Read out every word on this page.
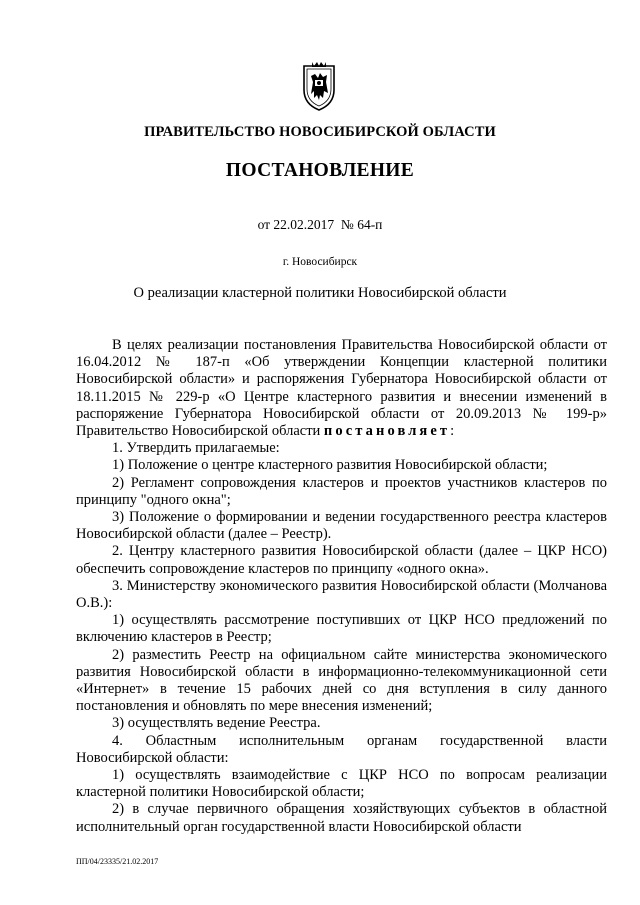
ПРАВИТЕЛЬСТВО НОВОСИБИРСКОЙ ОБЛАСТИ
ПОСТАНОВЛЕНИЕ
от 22.02.2017 № 64-п
г. Новосибирск
О реализации кластерной политики Новосибирской области

В целях реализации постановления Правительства Новосибирской области от 16.04.2012 № 187-п «Об утверждении Концепции кластерной политики Новосибирской области» и распоряжения Губернатора Новосибирской области от 18.11.2015 № 229-р «О Центре кластерного развития и внесении изменений в распоряжение Губернатора Новосибирской области от 20.09.2013 № 199-р» Правительство Новосибирской области постановляет:

1. Утвердить прилагаемые:

1) Положение о центре кластерного развития Новосибирской области;

2) Регламент сопровождения кластеров и проектов участников кластеров по принципу "одного окна";

3) Положение о формировании и ведении государственного реестра кластеров Новосибирской области (далее – Реестр).

2. Центру кластерного развития Новосибирской области (далее – ЦКР НСО) обеспечить сопровождение кластеров по принципу «одного окна».

3. Министерству экономического развития Новосибирской области (Молчанова О.В.):

1) осуществлять рассмотрение поступивших от ЦКР НСО предложений по включению кластеров в Реестр;

2) разместить Реестр на официальном сайте министерства экономического развития Новосибирской области в информационно-телекоммуникационной сети «Интернет» в течение 15 рабочих дней со дня вступления в силу данного постановления и обновлять по мере внесения изменений;

3) осуществлять ведение Реестра.

4. Областным исполнительным органам государственной власти Новосибирской области:

1) осуществлять взаимодействие с ЦКР НСО по вопросам реализации кластерной политики Новосибирской области;

2) в случае первичного обращения хозяйствующих субъектов в областной исполнительный орган государственной власти Новосибирской области

ПП/04/23335/21.02.2017
